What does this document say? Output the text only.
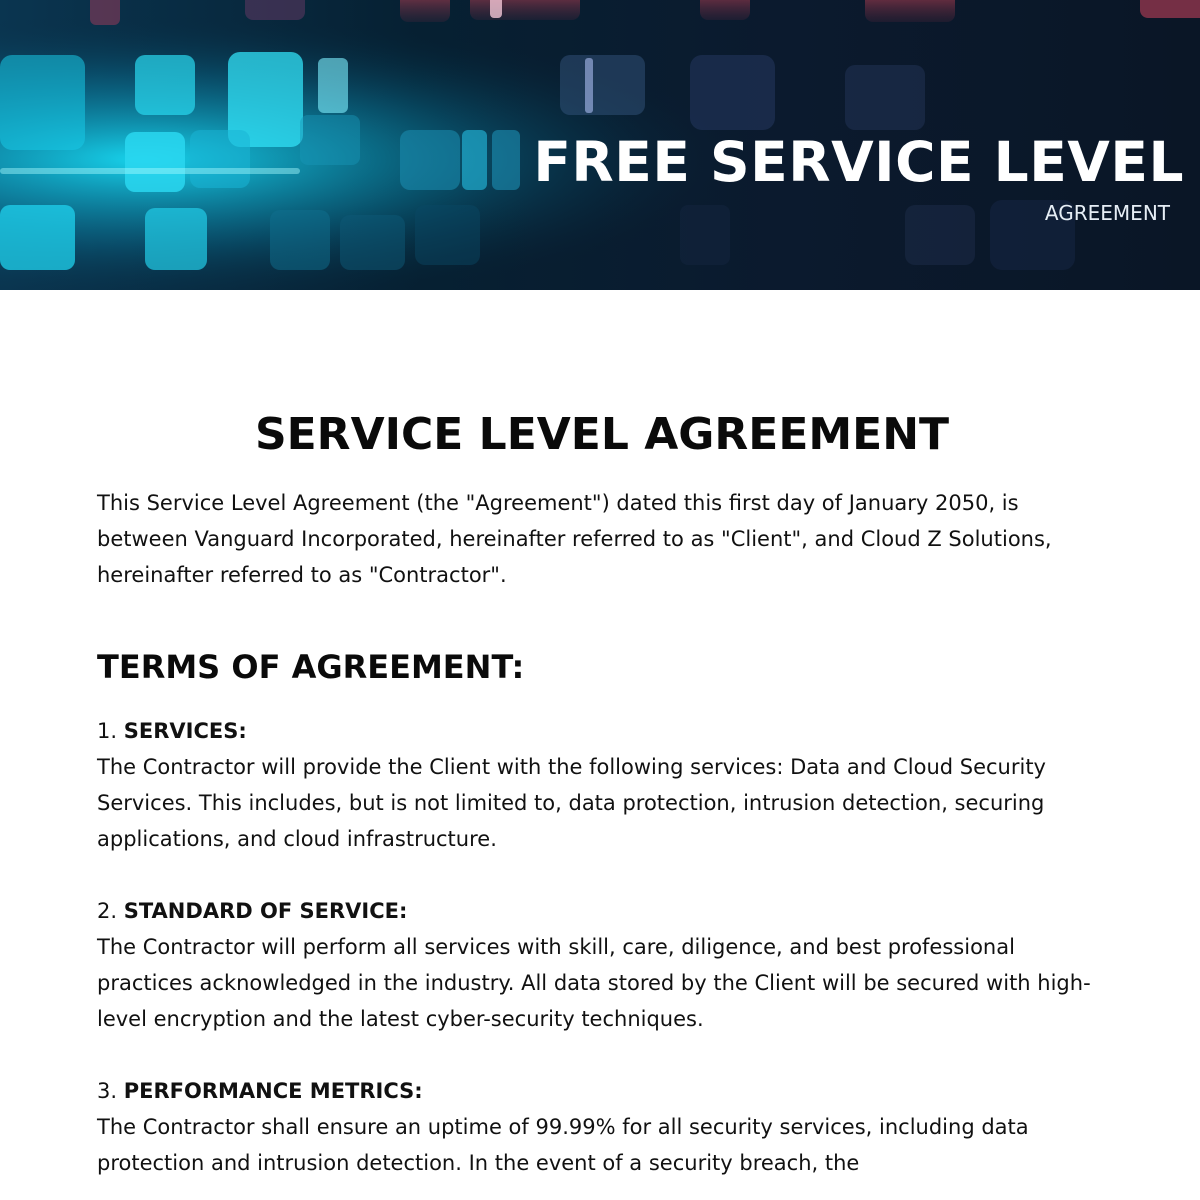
FREE SERVICE LEVEL
AGREEMENT
SERVICE LEVEL AGREEMENT

This Service Level Agreement (the "Agreement") dated this first day of January 2050, is between Vanguard Incorporated, hereinafter referred to as "Client", and Cloud Z Solutions, hereinafter referred to as "Contractor".

TERMS OF AGREEMENT:
1. SERVICES:

The Contractor will provide the Client with the following services: Data and Cloud Security Services. This includes, but is not limited to, data protection, intrusion detection, securing applications, and cloud infrastructure.

2. STANDARD OF SERVICE:

The Contractor will perform all services with skill, care, diligence, and best professional practices acknowledged in the industry. All data stored by the Client will be secured with high-level encryption and the latest cyber-security techniques.

3. PERFORMANCE METRICS:

The Contractor shall ensure an uptime of 99.99% for all security services, including data protection and intrusion detection. In the event of a security breach, the
